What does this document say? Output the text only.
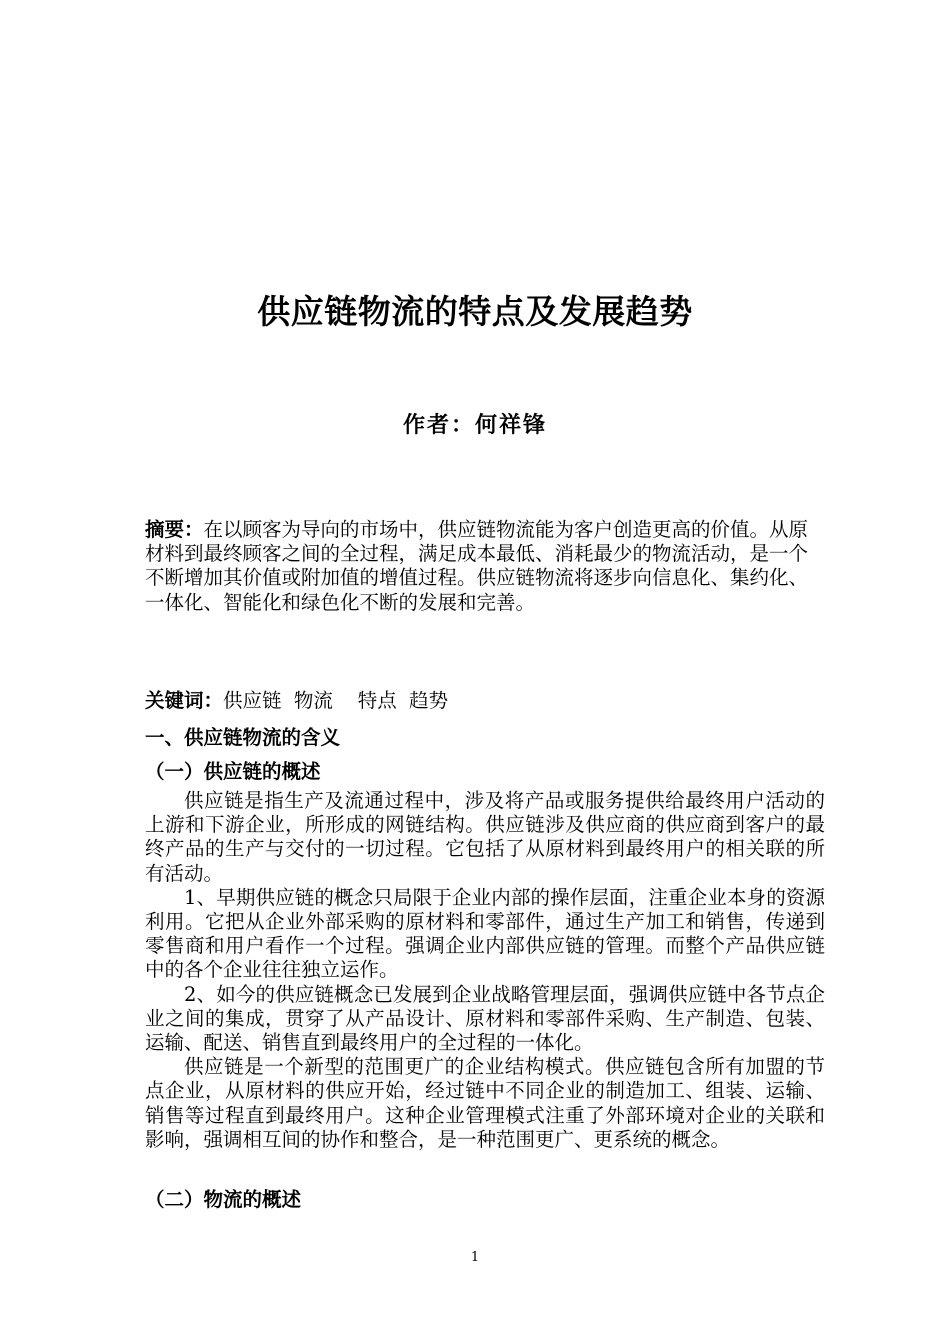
供应链物流的特点及发展趋势
作者：何祥锋
摘要：在以顾客为导向的市场中，供应链物流能为客户创造更高的价值。从原材料到最终顾客之间的全过程，满足成本最低、消耗最少的物流活动，是一个不断增加其价值或附加值的增值过程。供应链物流将逐步向信息化、集约化、一体化、智能化和绿色化不断的发展和完善。
关键词：供应链  物流    特点  趋势
一、供应链物流的含义
（一）供应链的概述

供应链是指生产及流通过程中，涉及将产品或服务提供给最终用户活动的上游和下游企业，所形成的网链结构。供应链涉及供应商的供应商到客户的最终产品的生产与交付的一切过程。它包括了从原材料到最终用户的相关联的所有活动。

1、早期供应链的概念只局限于企业内部的操作层面，注重企业本身的资源利用。它把从企业外部采购的原材料和零部件，通过生产加工和销售，传递到零售商和用户看作一个过程。强调企业内部供应链的管理。而整个产品供应链中的各个企业往往独立运作。

2、如今的供应链概念已发展到企业战略管理层面，强调供应链中各节点企业之间的集成，贯穿了从产品设计、原材料和零部件采购、生产制造、包装、运输、配送、销售直到最终用户的全过程的一体化。

供应链是一个新型的范围更广的企业结构模式。供应链包含所有加盟的节点企业，从原材料的供应开始，经过链中不同企业的制造加工、组装、运输、销售等过程直到最终用户。这种企业管理模式注重了外部环境对企业的关联和影响，强调相互间的协作和整合，是一种范围更广、更系统的概念。

（二）物流的概述
1
